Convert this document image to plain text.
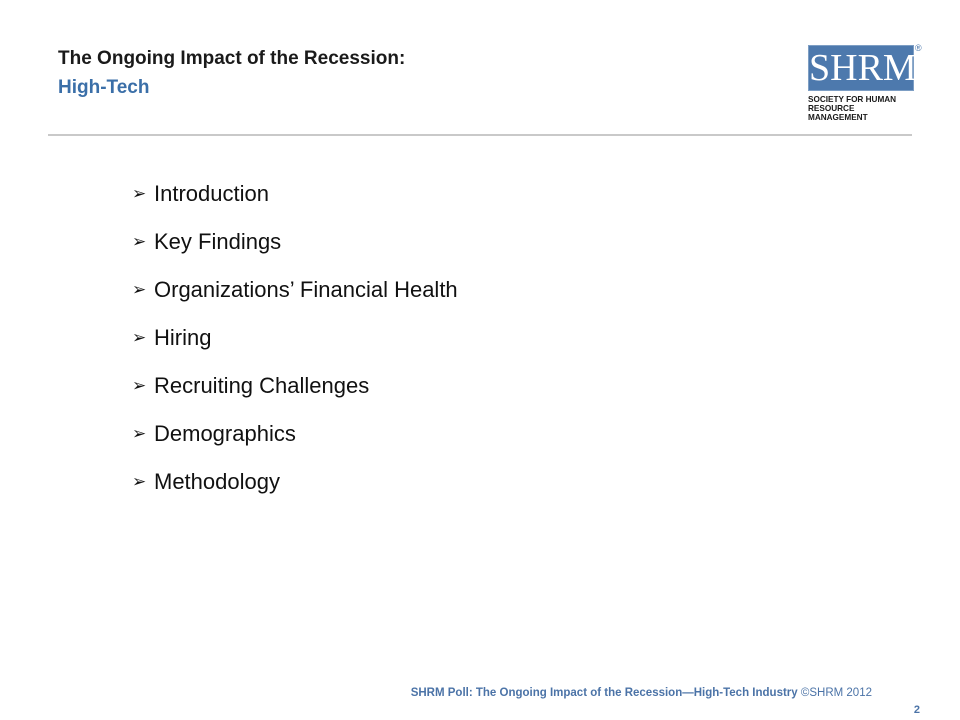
The Ongoing Impact of the Recession:
High-Tech	SHRM
®
SOCIETY FOR HUMAN
RESOURCE MANAGEMENT
➢ Introduction
➢ Key Findings
➢ Organizations’ Financial Health
➢ Hiring
➢ Recruiting Challenges
➢ Demographics
➢ Methodology
SHRM Poll: The Ongoing Impact of the Recession—High-Tech Industry ©SHRM 2012
2
